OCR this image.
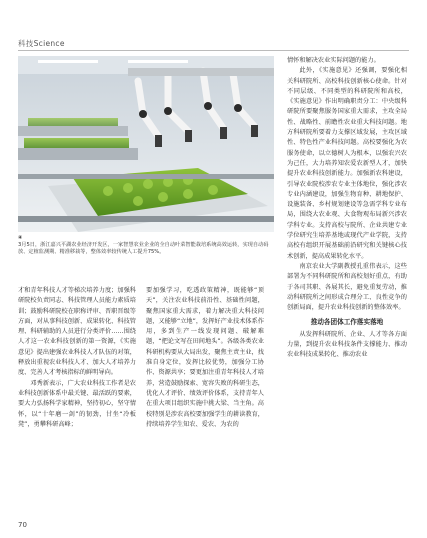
科技Science
④
3月5日，浙江嘉兴平湖农业经济开发区，一家智慧农业企业的全自动叶菜智能栽培系统高效运转，实现自动码放、定植监测期、精准移栽等，整体效率较传统人工提升75%。

才和青年科技人才等梯次培养力度；加强科研院校负责同志、科技管理人员能力素质培训；鼓励科研院校在职称评审、晋职晋级等方面，对从事科技创新、成果转化、科技管理、科研辅助的人员进行分类评价……围绕人才这一农业科技创新的第一资源，《实施意见》提出建强农业科技人才队伍的对策，释放出重视农业科技人才、加大人才培养力度、完善人才考核指标的鲜明导向。

邓秀新表示，广大农业科技工作者是农业科技创新体系中最关键、最活跃的要素，要大力弘扬科学家精神，坚持初心，坚守情怀，以“十年磨一剑”的韧劲，甘坐“冷板凳”，勇攀科研高峰；

要加强学习，吃透政策精神，既能够“顶天”，关注农业科技前沿性、基础性问题，聚焦国家重大需求，着力解决重大科技问题，又能够“立地”，发挥好产业技术体系作用，多到生产一线发现问题、破解难题，“把论文写在田间地头”。各级各类农业科研机构要从大局出发，聚焦主责主业，找准自身定位，发挥比较优势，加强分工协作、资源共享；要更加注重青年科技人才培养，营造鼓励探索、宽容失败的科研生态，优化人才评价、绩效评价体系，支持青年人在重大项目组织实施中挑大梁、当主角。高校特别是涉农高校要加强学生的耕读教育，持续培养学生知农、爱农、为农的

情怀和解决农业实际问题的能力。

此外，《实施意见》还强调，要强化相关科研院所、高校科技创新核心使命。针对不同层级、不同类型的科研院所和高校，《实施意见》作出明确职责分工：中央级科研院所要聚焦服务国家重大需求，主攻全局性、战略性、前瞻性农业重大科技问题。地方科研院所要着力支撑区域发展，主攻区域性、特色性产业科技问题。高校要强化为农服务使命，以立德树人为根本，以强农兴农为己任，大力培养知农爱农新型人才，加快提升农业科技创新能力。加强新农科建设，引导农业院校涉农专业主体地位，强化涉农专业内涵建设，加强生物育种、耕地保护、设施装备、乡村规划建设等急需学科专业布局，围绕大农业观、大食物观布局新兴涉农学科专业。支持高校与院所、企业共建专业学位研究生培养基地或现代产业学院，支持高校有组织开展基础前沿研究和关键核心技术创新，提高成果转化水平。

南京农业大学副教授孔重伟表示，这些部署为不同科研院所和高校划好重点，有助于各司其职、各展其长，避免重复劳动，推动科研院所之间形成合理分工、良性竞争的创新局面，提升农业科技创新的整体效率。

推动各团体工作落实落地

从发挥科研院所、企业、人才等各方面力量，到提升农业科技条件支撑能力、推动农业科技成果转化、推动农业

70
